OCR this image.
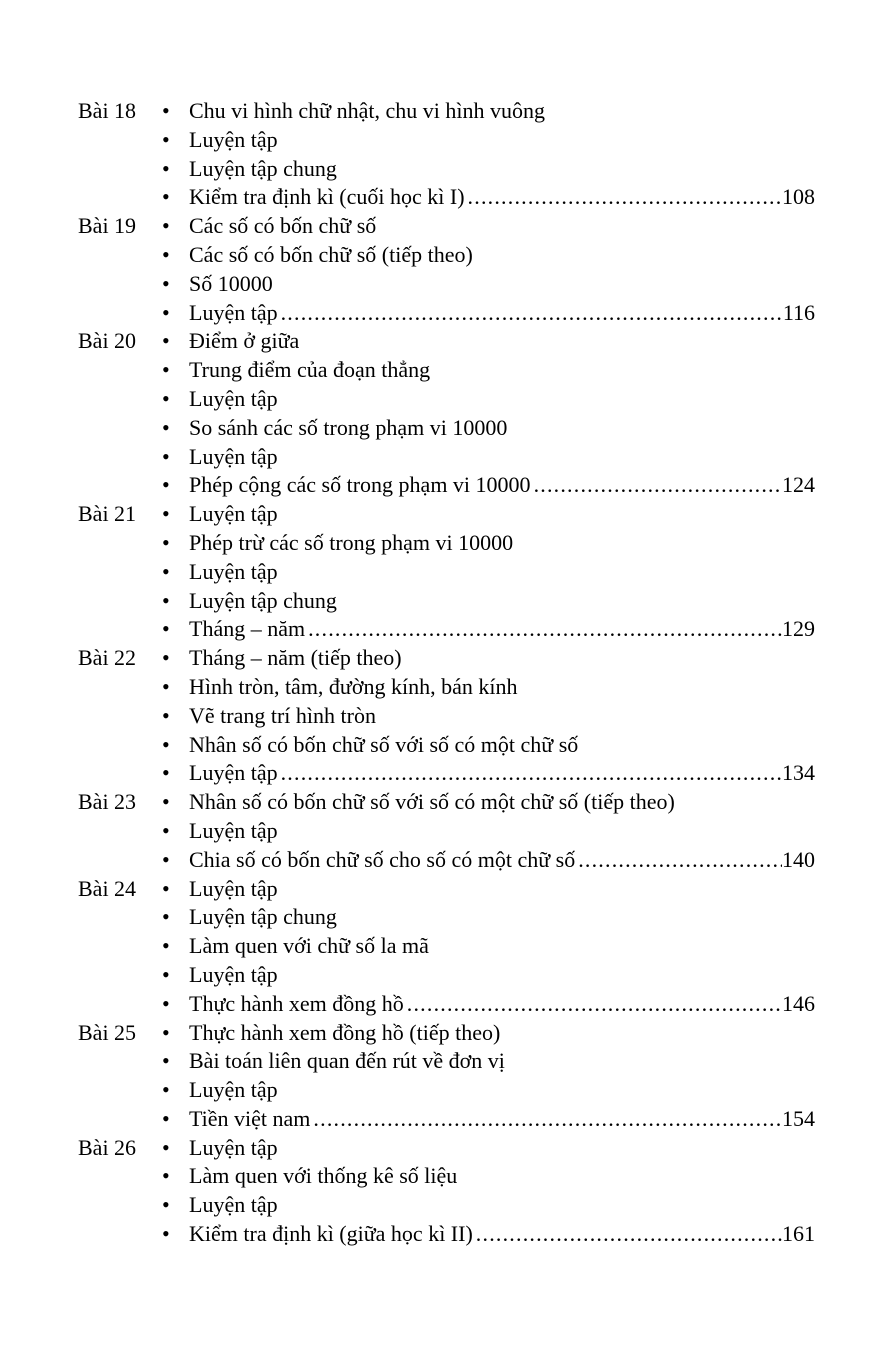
Bài 18	• Chu vi hình chữ nhật, chu vi hình vuông
• Luyện tập
• Luyện tập chung
• Kiểm tra định kì (cuối học kì I) .....	108
Bài 19	• Các số có bốn chữ số
• Các số có bốn chữ số (tiếp theo)
• Số 10000
• Luyện tập .....	116
Bài 20	• Điểm ở giữa
• Trung điểm của đoạn thẳng
• Luyện tập
• So sánh các số trong phạm vi 10000
• Luyện tập
• Phép cộng các số trong phạm vi 10000 .....	124
Bài 21	• Luyện tập
• Phép trừ các số trong phạm vi 10000
• Luyện tập
• Luyện tập chung
• Tháng – năm .....	129
Bài 22	• Tháng – năm (tiếp theo)
• Hình tròn, tâm, đường kính, bán kính
• Vẽ trang trí hình tròn
• Nhân số có bốn chữ số với số có một chữ số
• Luyện tập .....	134
Bài 23	• Nhân số có bốn chữ số với số có một chữ số (tiếp theo)
• Luyện tập
• Chia số có bốn chữ số cho số có một chữ số .....	140
Bài 24	• Luyện tập
• Luyện tập chung
• Làm quen với chữ số la mã
• Luyện tập
• Thực hành xem đồng hồ .....	146
Bài 25	• Thực hành xem đồng hồ (tiếp theo)
• Bài toán liên quan đến rút về đơn vị
• Luyện tập
• Tiền việt nam .....	154
Bài 26	• Luyện tập
• Làm quen với thống kê số liệu
• Luyện tập
• Kiểm tra định kì (giữa học kì II) .....	161
